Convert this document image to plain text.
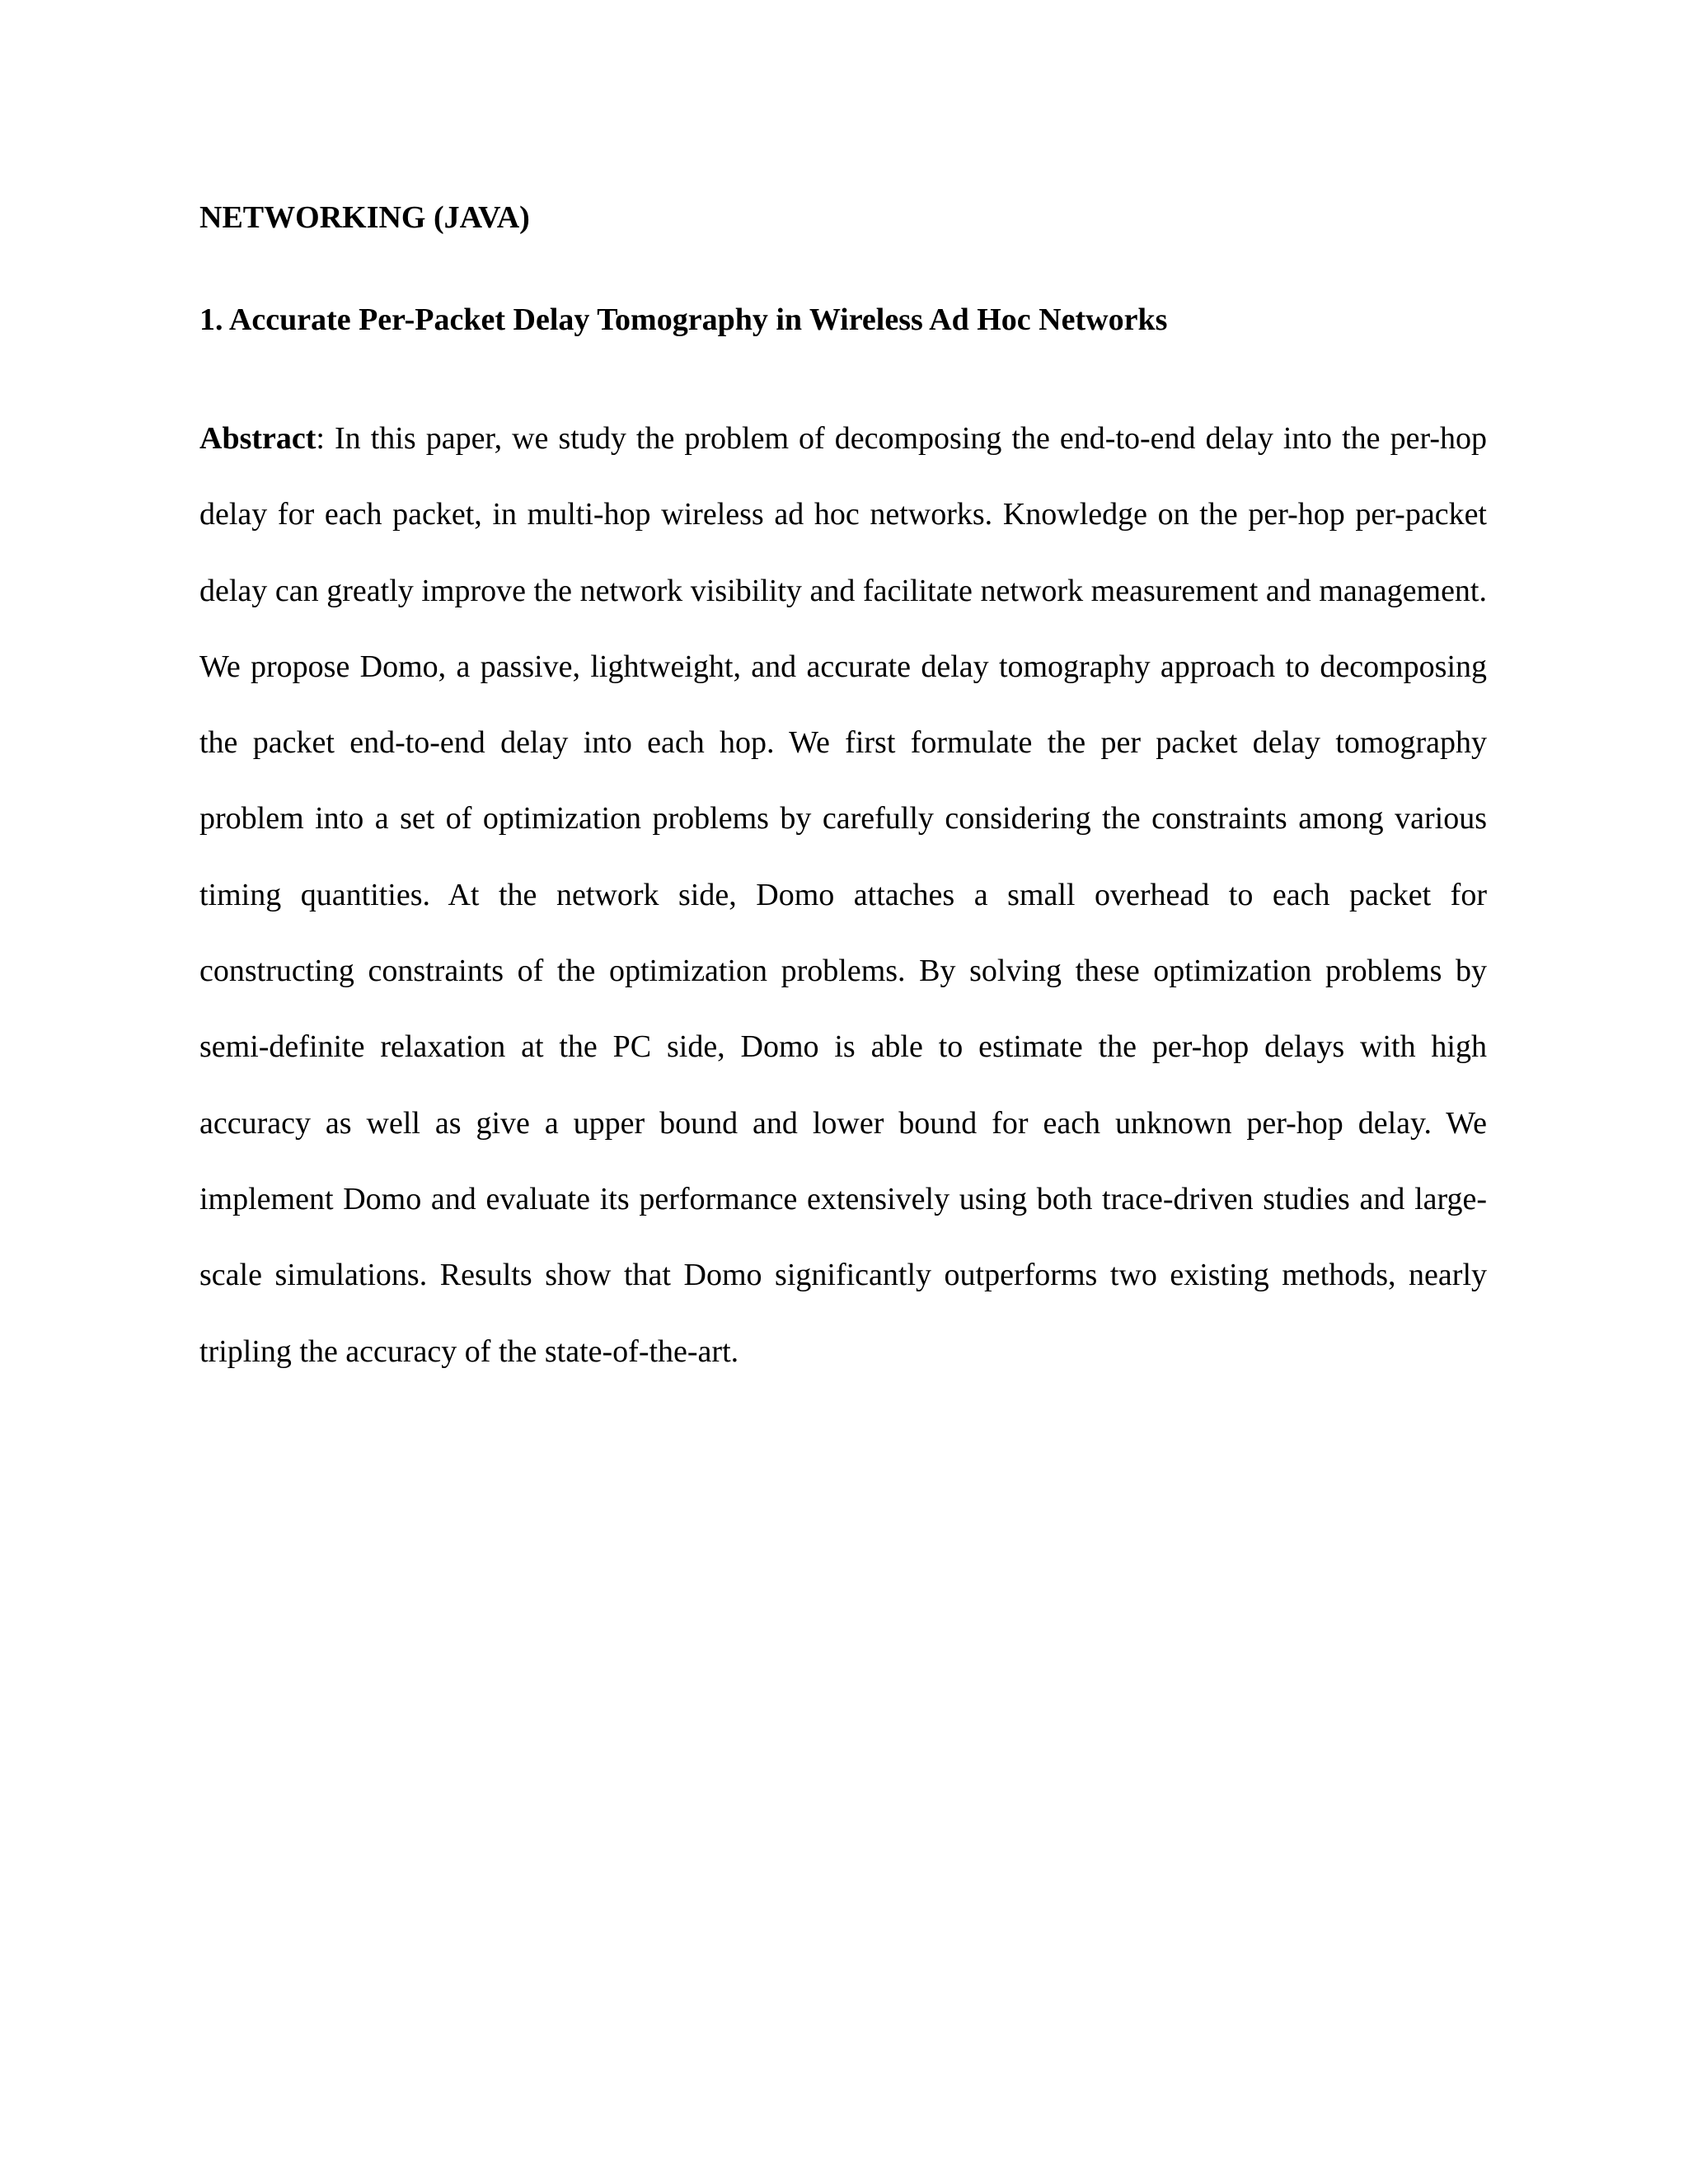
NETWORKING (JAVA)
1. Accurate Per-Packet Delay Tomography in Wireless Ad Hoc Networks

Abstract: In this paper, we study the problem of decomposing the end-to-end delay into the per-hop delay for each packet, in multi-hop wireless ad hoc networks. Knowledge on the per-hop per-packet delay can greatly improve the network visibility and facilitate network measurement and management. We propose Domo, a passive, lightweight, and accurate delay tomography approach to decomposing the packet end-to-end delay into each hop. We first formulate the per packet delay tomography problem into a set of optimization problems by carefully considering the constraints among various timing quantities. At the network side, Domo attaches a small overhead to each packet for constructing constraints of the optimization problems. By solving these optimization problems by semi-definite relaxation at the PC side, Domo is able to estimate the per-hop delays with high accuracy as well as give a upper bound and lower bound for each unknown per-hop delay. We implement Domo and evaluate its performance extensively using both trace-driven studies and large-scale simulations. Results show that Domo significantly outperforms two existing methods, nearly tripling the accuracy of the state-of-the-art.
